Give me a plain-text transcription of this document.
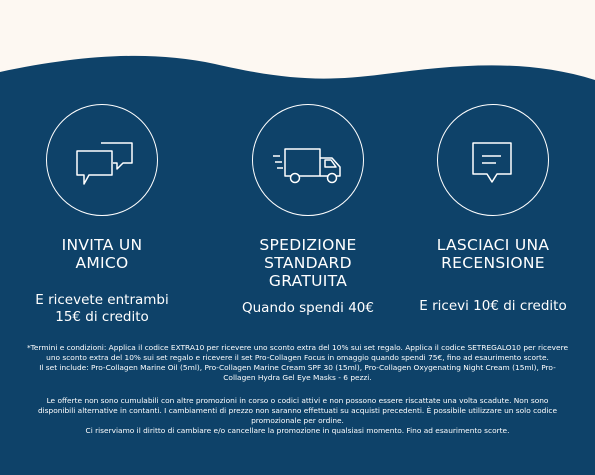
INVITA UN
AMICO
E ricevete entrambi
15€ di credito
SPEDIZIONE
STANDARD
GRATUITA
Quando spendi 40€
LASCIACI UNA
RECENSIONE
E ricevi 10€ di credito
*Termini e condizioni: Applica il codice EXTRA10 per ricevere uno sconto extra del 10% sui set regalo. Applica il codice SETREGALO10 per ricevere
uno sconto extra del 10% sui set regalo e ricevere il set Pro-Collagen Focus in omaggio quando spendi 75€, fino ad esaurimento scorte.
Il set include: Pro-Collagen Marine Oil (5ml), Pro-Collagen Marine Cream SPF 30 (15ml), Pro-Collagen Oxygenating Night Cream (15ml), Pro-
Collagen Hydra Gel Eye Masks - 6 pezzi.
Le offerte non sono cumulabili con altre promozioni in corso o codici attivi e non possono essere riscattate una volta scadute. Non sono
disponibili alternative in contanti. I cambiamenti di prezzo non saranno effettuati su acquisti precedenti. È possibile utilizzare un solo codice
promozionale per ordine.
Ci riserviamo il diritto di cambiare e/o cancellare la promozione in qualsiasi momento. Fino ad esaurimento scorte.
